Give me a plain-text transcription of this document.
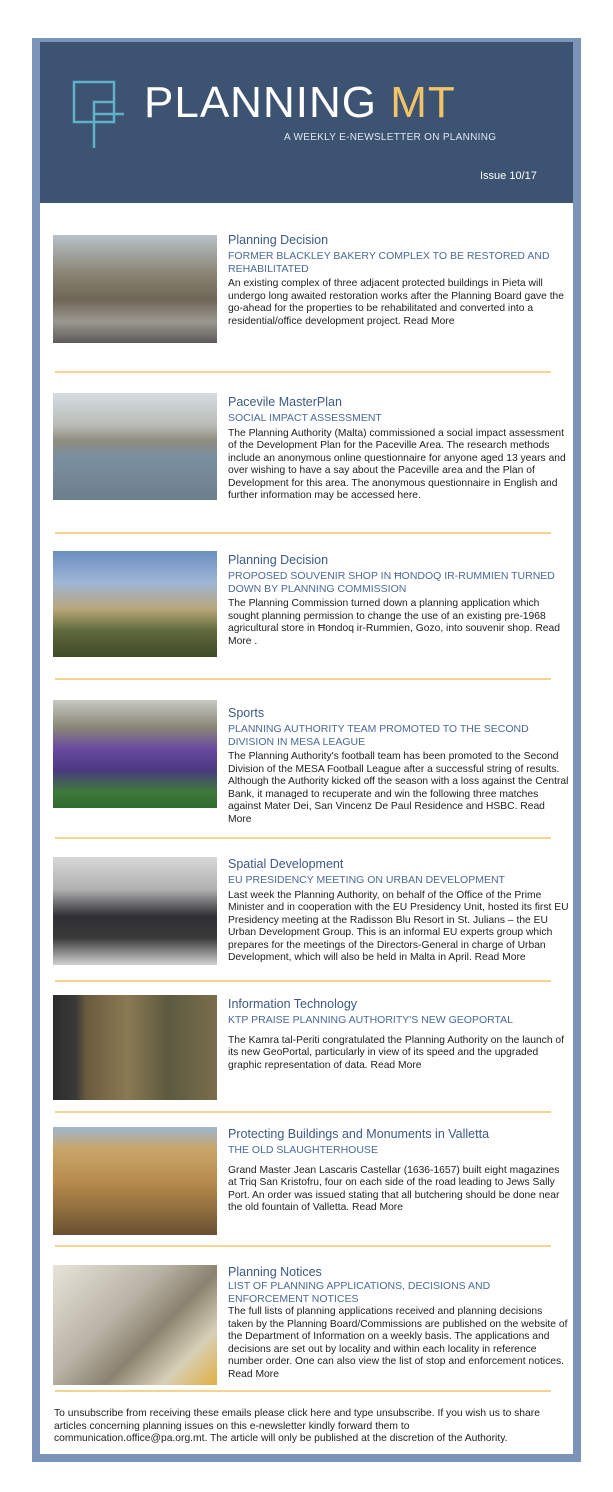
PLANNING MT
A WEEKLY E-NEWSLETTER ON PLANNING
Issue 10/17
Planning Decision
FORMER BLACKLEY BAKERY COMPLEX TO BE RESTORED AND REHABILITATED
An existing complex of three adjacent protected buildings in Pieta will undergo long awaited restoration works after the Planning Board gave the go-ahead for the properties to be rehabilitated and converted into a residential/office development project. Read More
Pacevile MasterPlan
SOCIAL IMPACT ASSESSMENT
The Planning Authority (Malta) commissioned a social impact assessment of the Development Plan for the Paceville Area. The research methods include an anonymous online questionnaire for anyone aged 13 years and over wishing to have a say about the Paceville area and the Plan of Development for this area. The anonymous questionnaire in English and further information may be accessed here.
Planning Decision
PROPOSED SOUVENIR SHOP IN ĦONDOQ IR-RUMMIEN TURNED DOWN BY PLANNING COMMISSION
The Planning Commission turned down a planning application which sought planning permission to change the use of an existing pre-1968 agricultural store in Ħondoq ir-Rummien, Gozo, into souvenir shop. Read More .
Sports
PLANNING AUTHORITY TEAM PROMOTED TO THE SECOND DIVISION IN MESA LEAGUE
The Planning Authority's football team has been promoted to the Second Division of the MESA Football League after a successful string of results. Although the Authority kicked off the season with a loss against the Central Bank, it managed to recuperate and win the following three matches against Mater Dei, San Vincenz De Paul Residence and HSBC. Read More
Spatial Development
EU PRESIDENCY MEETING ON URBAN DEVELOPMENT
Last week the Planning Authority, on behalf of the Office of the Prime Minister and in cooperation with the EU Presidency Unit, hosted its first EU Presidency meeting at the Radisson Blu Resort in St. Julians – the EU Urban Development Group. This is an informal EU experts group which prepares for the meetings of the Directors-General in charge of Urban Development, which will also be held in Malta in April. Read More
Information Technology
KTP PRAISE PLANNING AUTHORITY'S NEW GEOPORTAL
The Kamra tal-Periti congratulated the Planning Authority on the launch of its new GeoPortal, particularly in view of its speed and the upgraded graphic representation of data. Read More
Protecting Buildings and Monuments in Valletta
THE OLD SLAUGHTERHOUSE
Grand Master Jean Lascaris Castellar (1636-1657) built eight magazines at Triq San Kristofru, four on each side of the road leading to Jews Sally Port. An order was issued stating that all butchering should be done near the old fountain of Valletta. Read More
Planning Notices
LIST OF PLANNING APPLICATIONS, DECISIONS AND ENFORCEMENT NOTICES
The full lists of planning applications received and planning decisions taken by the Planning Board/Commissions are published on the website of the Department of Information on a weekly basis. The applications and decisions are set out by locality and within each locality in reference number order. One can also view the list of stop and enforcement notices. Read More
To unsubscribe from receiving these emails please click here and type unsubscribe. If you wish us to share articles concerning planning issues on this e-newsletter kindly forward them to communication.office@pa.org.mt. The article will only be published at the discretion of the Authority.
